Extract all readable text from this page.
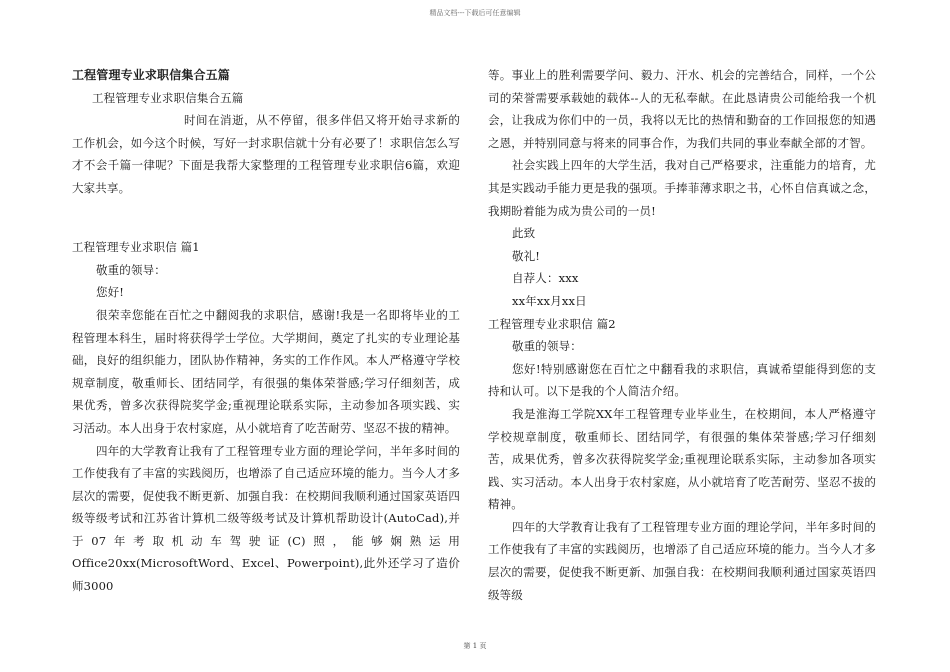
精品文档---下载后可任意编辑

工程管理专业求职信集合五篇

工程管理专业求职信集合五篇

时间在消逝，从不停留，很多伴侣又将开始寻求新的工作机会，如今这个时候，写好一封求职信就十分有必要了！求职信怎么写才不会千篇一律呢？下面是我帮大家整理的工程管理专业求职信6篇，欢迎大家共享。

工程管理专业求职信 篇1

敬重的领导：

您好!

很荣幸您能在百忙之中翻阅我的求职信，感谢!我是一名即将毕业的工程管理本科生，届时将获得学士学位。大学期间，奠定了扎实的专业理论基础，良好的组织能力，团队协作精神，务实的工作作风。本人严格遵守学校规章制度，敬重师长、团结同学，有很强的集体荣誉感;学习仔细刻苦，成果优秀，曾多次获得院奖学金;重视理论联系实际，主动参加各项实践、实习活动。本人出身于农村家庭，从小就培育了吃苦耐劳、坚忍不拔的精神。

四年的大学教育让我有了工程管理专业方面的理论学问，半年多时间的工作使我有了丰富的实践阅历，也增添了自己适应环境的能力。当今人才多层次的需要，促使我不断更新、加强自我：在校期间我顺利通过国家英语四级等级考试和江苏省计算机二级等级考试及计算机帮助设计(AutoCad),并于07年考取机动车驾驶证(C)照，能够娴熟运用Office20xx(MicrosoftWord、Excel、Powerpoint),此外还学习了造价师3000

等。事业上的胜利需要学问、毅力、汗水、机会的完善结合，同样，一个公司的荣誉需要承载她的载体--人的无私奉献。在此恳请贵公司能给我一个机会，让我成为你们中的一员，我将以无比的热情和勤奋的工作回报您的知遇之恩，并特别同意与将来的同事合作，为我们共同的事业奉献全部的才智。

社会实践上四年的大学生活，我对自己严格要求，注重能力的培育，尤其是实践动手能力更是我的强项。手捧菲薄求职之书，心怀自信真诚之念，我期盼着能为成为贵公司的一员!

此致

敬礼!

自荐人：xxx

xx年xx月xx日

工程管理专业求职信 篇2

敬重的领导：

您好!特别感谢您在百忙之中翻看我的求职信，真诚希望能得到您的支持和认可。以下是我的个人简洁介绍。

我是淮海工学院XX年工程管理专业毕业生，在校期间，本人严格遵守学校规章制度，敬重师长、团结同学，有很强的集体荣誉感;学习仔细刻苦，成果优秀，曾多次获得院奖学金;重视理论联系实际，主动参加各项实践、实习活动。本人出身于农村家庭，从小就培育了吃苦耐劳、坚忍不拔的精神。

四年的大学教育让我有了工程管理专业方面的理论学问，半年多时间的工作使我有了丰富的实践阅历，也增添了自己适应环境的能力。当今人才多层次的需要，促使我不断更新、加强自我：在校期间我顺利通过国家英语四级等级

第 1 页
